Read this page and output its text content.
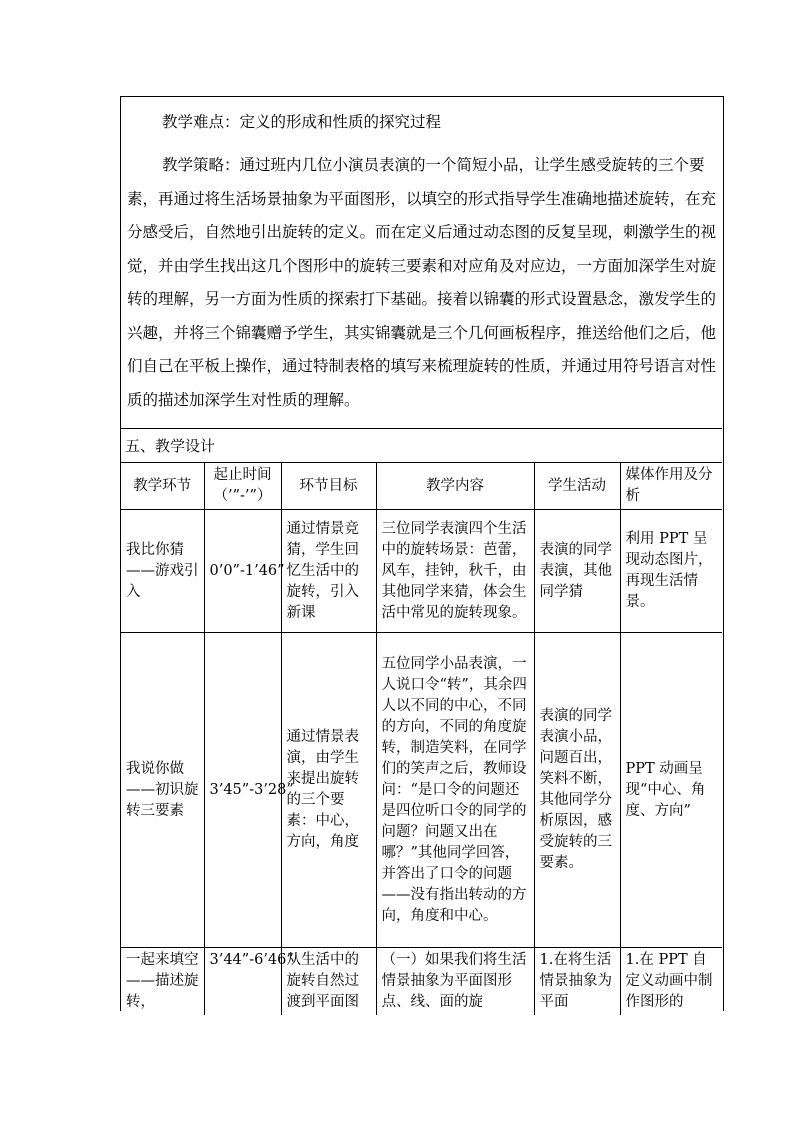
教学难点：定义的形成和性质的探究过程

教学策略：通过班内几位小演员表演的一个简短小品，让学生感受旋转的三个要素，再通过将生活场景抽象为平面图形，以填空的形式指导学生准确地描述旋转，在充分感受后，自然地引出旋转的定义。而在定义后通过动态图的反复呈现，刺激学生的视觉，并由学生找出这几个图形中的旋转三要素和对应角及对应边，一方面加深学生对旋转的理解，另一方面为性质的探索打下基础。接着以锦囊的形式设置悬念，激发学生的兴趣，并将三个锦囊赠予学生，其实锦囊就是三个几何画板程序，推送给他们之后，他们自己在平板上操作，通过特制表格的填写来梳理旋转的性质，并通过用符号语言对性质的描述加深学生对性质的理解。

五、教学设计
教学环节	起止时间（’”-’”）	环节目标	教学内容	学生活动	媒体作用及分析
我比你猜——游戏引入	0’0”-1’46”	通过情景竞猜，学生回忆生活中的旋转，引入新课	三位同学表演四个生活中的旋转场景：芭蕾，风车，挂钟，秋千，由其他同学来猜，体会生活中常见的旋转现象。	表演的同学表演，其他同学猜	利用 PPT 呈现动态图片，再现生活情景。
我说你做——初识旋转三要素	3’45”-3’28”	通过情景表演，由学生来提出旋转的三个要素：中心，方向，角度	五位同学小品表演，一人说口令“转”，其余四人以不同的中心，不同的方向，不同的角度旋转，制造笑料，在同学们的笑声之后，教师设问：“是口令的问题还是四位听口令的同学的问题？问题又出在哪？”其他同学回答，并答出了口令的问题——没有指出转动的方向，角度和中心。	表演的同学表演小品，问题百出，笑料不断，其他同学分析原因，感受旋转的三要素。	PPT 动画呈现“中心、角度、方向”
一起来填空——描述旋转，	3’44”-6’46”	从生活中的旋转自然过渡到平面图	（一）如果我们将生活情景抽象为平面图形点、线、面的旋	1.在将生活情景抽象为平面	1.在 PPT 自定义动画中制作图形的
